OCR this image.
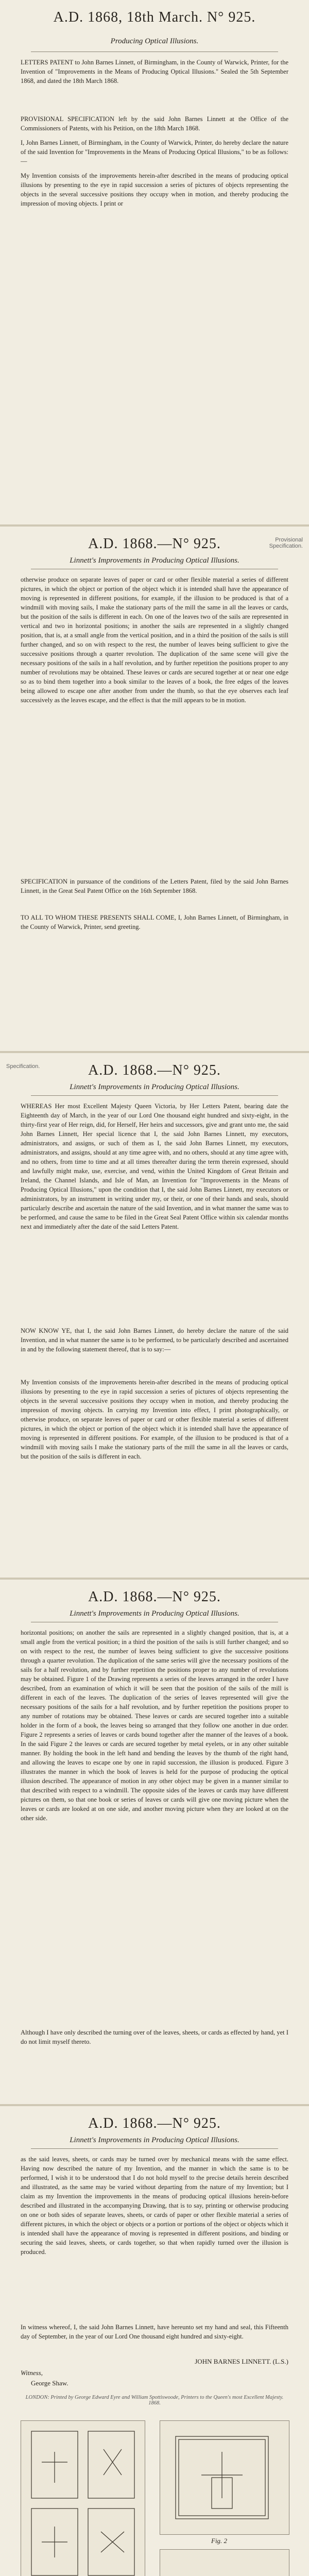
A.D. 1868, 18th March. N° 925.
Producing Optical Illusions.
LETTERS PATENT to John Barnes Linnett, of Birmingham, in the County of Warwick, Printer, for the Invention of "Improvements in the Means of Producing Optical Illusions." Sealed the 5th September 1868, and dated the 18th March 1868.
PROVISIONAL SPECIFICATION left by the said John Barnes Linnett at the Office of the Commissioners of Patents, with his Petition, on the 18th March 1868.
I, John Barnes Linnett, of Birmingham, in the County of Warwick, Printer, do hereby declare the nature of the said Invention for "Improvements in the Means of Producing Optical Illusions," to be as follows:—
My Invention consists of the improvements herein-after described in the means of producing optical illusions by presenting to the eye in rapid succession a series of pictures of objects representing the objects in the several successive positions they occupy when in motion, and thereby producing the impression of moving objects. I print or
A.D. 1868.—N° 925.
Linnett's Improvements in Producing Optical Illusions.
Provisional Specification.
otherwise produce on separate leaves of paper or card or other flexible material a series of different pictures, in which the object or portion of the object which it is intended shall have the appearance of moving is represented in different positions, for example, if the illusion to be produced is that of a windmill with moving sails, I make the stationary parts of the mill the same in all the leaves or cards, but the position of the sails is different in each. On one of the leaves two of the sails are represented in vertical and two in horizontal positions; in another the sails are represented in a slightly changed position, that is, at a small angle from the vertical position, and in a third the position of the sails is still further changed, and so on with respect to the rest, the number of leaves being sufficient to give the successive positions through a quarter revolution. The duplication of the same scene will give the necessary positions of the sails in a half revolution, and by further repetition the positions proper to any number of revolutions may be obtained. These leaves or cards are secured together at or near one edge so as to bind them together into a book similar to the leaves of a book, the free edges of the leaves being allowed to escape one after another from under the thumb, so that the eye observes each leaf successively as the leaves escape, and the effect is that the mill appears to be in motion.
SPECIFICATION in pursuance of the conditions of the Letters Patent, filed by the said John Barnes Linnett, in the Great Seal Patent Office on the 16th September 1868.
TO ALL TO WHOM THESE PRESENTS SHALL COME, I, John Barnes Linnett, of Birmingham, in the County of Warwick, Printer, send greeting.
A.D. 1868.—N° 925.
Linnett's Improvements in Producing Optical Illusions.
Specification.
WHEREAS Her most Excellent Majesty Queen Victoria, by Her Letters Patent, bearing date the Eighteenth day of March, in the year of our Lord One thousand eight hundred and sixty-eight, in the thirty-first year of Her reign, did, for Herself, Her heirs and successors, give and grant unto me, the said John Barnes Linnett, Her special licence that I, the said John Barnes Linnett, my executors, administrators, and assigns, or such of them as I, the said John Barnes Linnett, my executors, administrators, and assigns, should at any time agree with, and no others, should at any time agree with, and no others, from time to time and at all times thereafter during the term therein expressed, should and lawfully might make, use, exercise, and vend, within the United Kingdom of Great Britain and Ireland, the Channel Islands, and Isle of Man, an Invention for "Improvements in the Means of Producing Optical Illusions," upon the condition that I, the said John Barnes Linnett, my executors or administrators, by an instrument in writing under my, or their, or one of their hands and seals, should particularly describe and ascertain the nature of the said Invention, and in what manner the same was to be performed, and cause the same to be filed in the Great Seal Patent Office within six calendar months next and immediately after the date of the said Letters Patent.
NOW KNOW YE, that I, the said John Barnes Linnett, do hereby declare the nature of the said Invention, and in what manner the same is to be performed, to be particularly described and ascertained in and by the following statement thereof, that is to say:—
My Invention consists of the improvements herein-after described in the means of producing optical illusions by presenting to the eye in rapid succession a series of pictures of objects representing the objects in the several successive positions they occupy when in motion, and thereby producing the impression of moving objects. In carrying my Invention into effect, I print photographically, or otherwise produce, on separate leaves of paper or card or other flexible material a series of different pictures, in which the object or portion of the object which it is intended shall have the appearance of moving is represented in different positions. For example, of the illusion to be produced is that of a windmill with moving sails I make the stationary parts of the mill the same in all the leaves or cards, but the position of the sails is different in each.
A.D. 1868.—N° 925.
Linnett's Improvements in Producing Optical Illusions.
horizontal positions; on another the sails are represented in a slightly changed position, that is, at a small angle from the vertical position; in a third the position of the sails is still further changed; and so on with respect to the rest, the number of leaves being sufficient to give the successive positions through a quarter revolution. The duplication of the same series will give the necessary positions of the sails for a half revolution, and by further repetition the positions proper to any number of revolutions may be obtained. Figure 1 of the Drawing represents a series of the leaves arranged in the order I have described, from an examination of which it will be seen that the position of the sails of the mill is different in each of the leaves. The duplication of the series of leaves represented will give the necessary positions of the sails for a half revolution, and by further repetition the positions proper to any number of rotations may be obtained. These leaves or cards are secured together into a suitable holder in the form of a book, the leaves being so arranged that they follow one another in due order. Figure 2 represents a series of leaves or cards bound together after the manner of the leaves of a book. In the said Figure 2 the leaves or cards are secured together by metal eyelets, or in any other suitable manner. By holding the book in the left hand and bending the leaves by the thumb of the right hand, and allowing the leaves to escape one by one in rapid succession, the illusion is produced. Figure 3 illustrates the manner in which the book of leaves is held for the purpose of producing the optical illusion described. The appearance of motion in any other object may be given in a manner similar to that described with respect to a windmill. The opposite sides of the leaves or cards may have different pictures on them, so that one book or series of leaves or cards will give one moving picture when the leaves or cards are looked at on one side, and another moving picture when they are looked at on the other side.
Although I have only described the turning over of the leaves, sheets, or cards as effected by hand, yet I do not limit myself thereto.
A.D. 1868.—N° 925.
Linnett's Improvements in Producing Optical Illusions.
as the said leaves, sheets, or cards may be turned over by mechanical means with the same effect. Having now described the nature of my Invention, and the manner in which the same is to be performed, I wish it to be understood that I do not hold myself to the precise details herein described and illustrated, as the same may be varied without departing from the nature of my Invention; but I claim as my Invention the improvements in the means of producing optical illusions herein-before described and illustrated in the accompanying Drawing, that is to say, printing or otherwise producing on one or both sides of separate leaves, sheets, or cards of paper or other flexible material a series of different pictures, in which the object or objects or a portion or portions of the object or objects which it is intended shall have the appearance of moving is represented in different positions, and binding or securing the said leaves, sheets, or cards together, so that when rapidly turned over the illusion is produced.
In witness whereof, I, the said John Barnes Linnett, have hereunto set my hand and seal, this Fifteenth day of September, in the year of our Lord One thousand eight hundred and sixty-eight.
JOHN BARNES LINNETT. (L.S.)
Witness,
George Shaw.
LONDON: Printed by George Edward Eyre and William Spottiswoode, Printers to the Queen's most Excellent Majesty. 1868.
Fig. 2
